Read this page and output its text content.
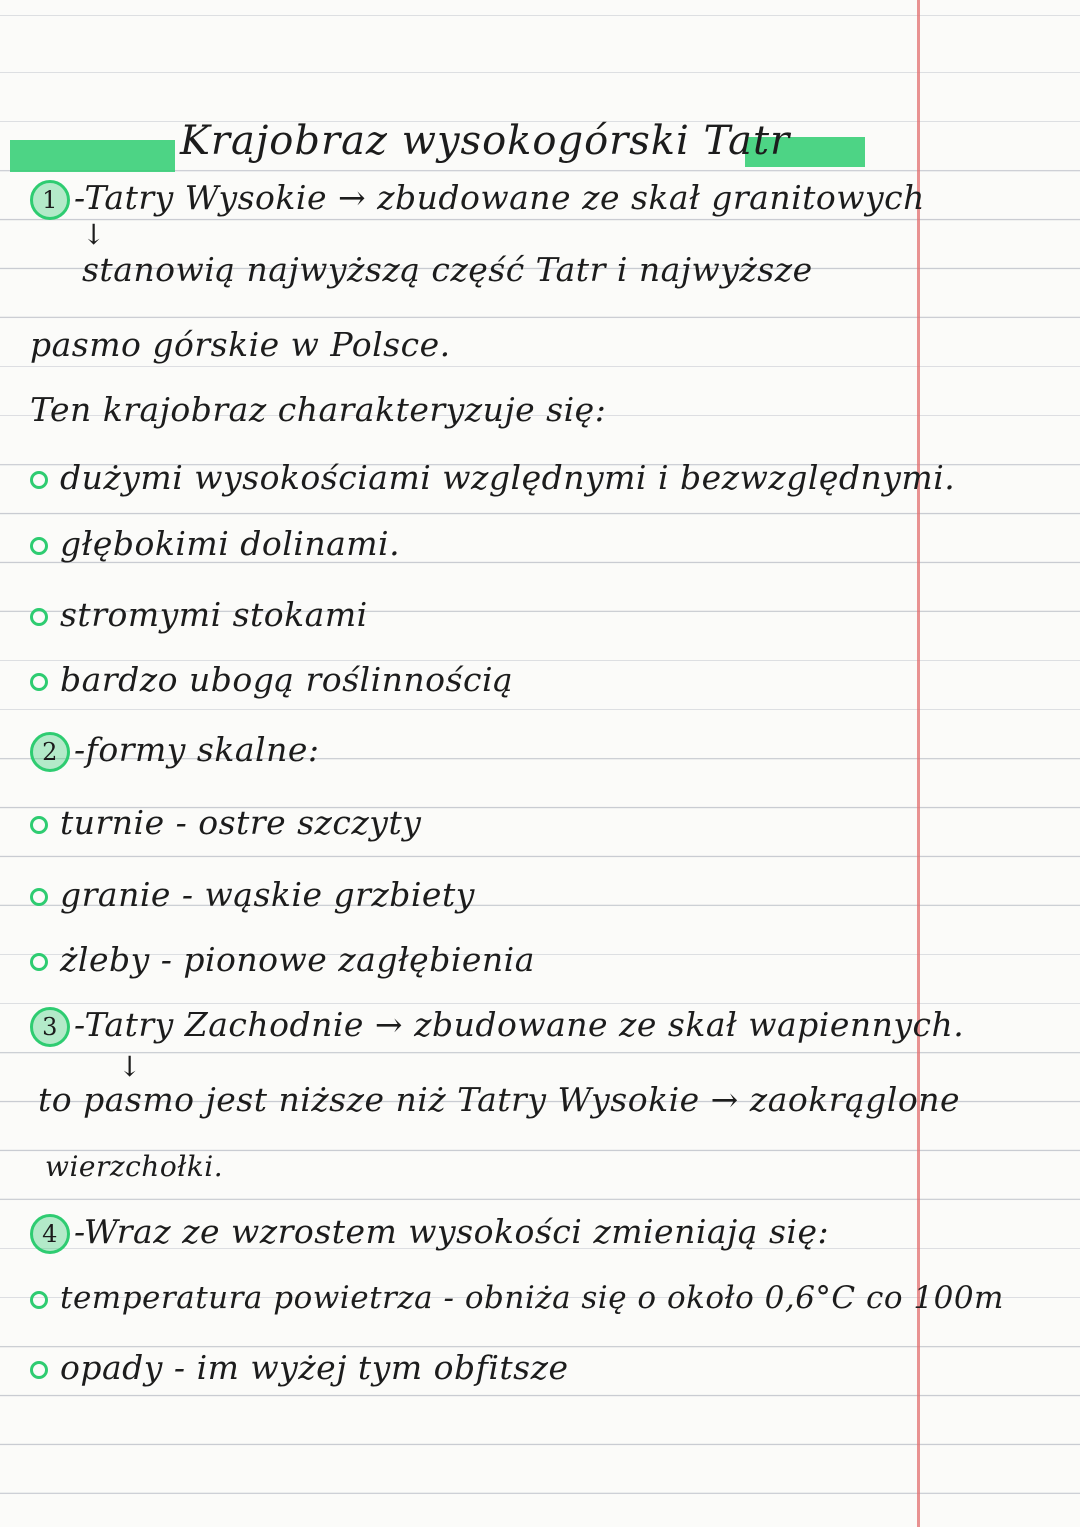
Krajobraz wysokogórski Tatr
1 -Tatry Wysokie → zbudowane ze skał granitowych
↓
stanowią najwyższą część Tatr i najwyższe
pasmo górskie w Polsce.
Ten krajobraz charakteryzuje się:
dużymi wysokościami względnymi i bezwzględnymi.
głębokimi dolinami.
stromymi stokami
bardzo ubogą roślinnością
2 -formy skalne:
turnie - ostre szczyty
granie - wąskie grzbiety
żleby - pionowe zagłębienia
3 -Tatry Zachodnie → zbudowane ze skał wapiennych.
↓
to pasmo jest niższe niż Tatry Wysokie → zaokrąglone
wierzchołki.
4 -Wraz ze wzrostem wysokości zmieniają się:
temperatura powietrza - obniża się o około 0,6°C co 100m
opady - im wyżej tym obfitsze
